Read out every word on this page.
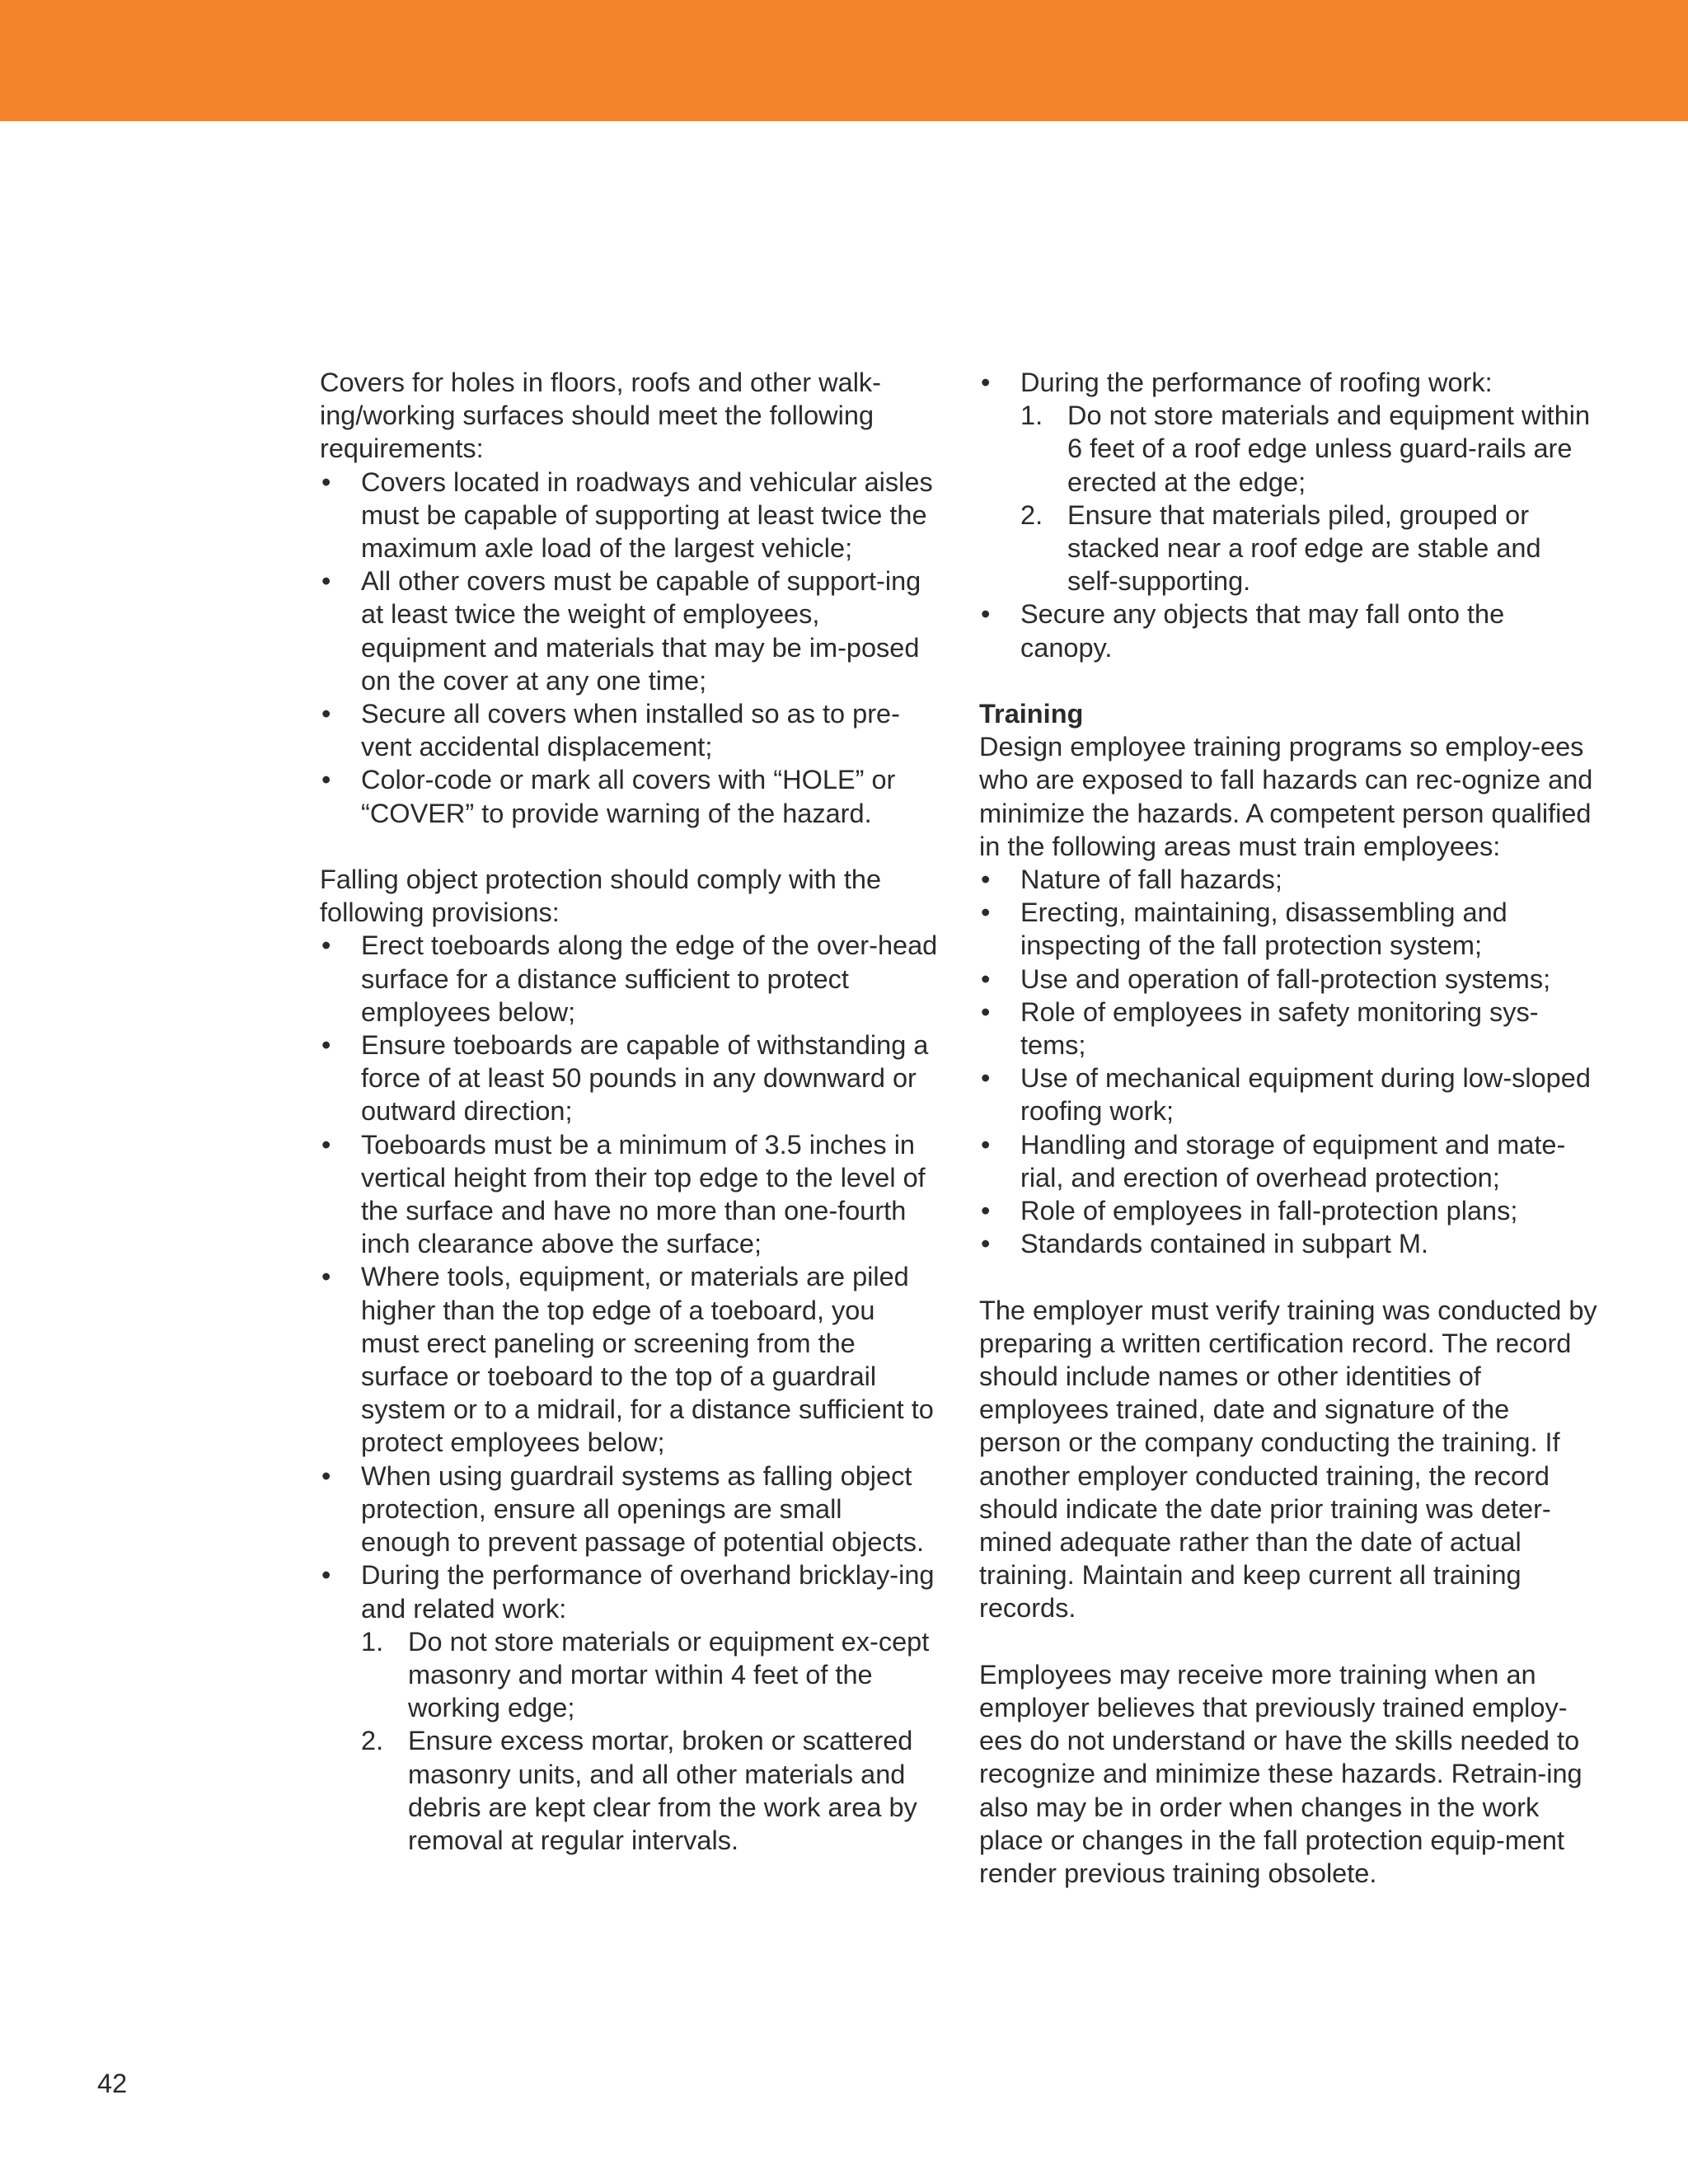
Covers for holes in floors, roofs and other walk-ing/working surfaces should meet the following requirements:

• Covers located in roadways and vehicular aisles must be capable of supporting at least twice the maximum axle load of the largest vehicle;
• All other covers must be capable of support-ing at least twice the weight of employees, equipment and materials that may be im-posed on the cover at any one time;
• Secure all covers when installed so as to pre-vent accidental displacement;
• Color-code or mark all covers with “HOLE” or “COVER” to provide warning of the hazard.

Falling object protection should comply with the following provisions:

• Erect toeboards along the edge of the over-head surface for a distance sufficient to protect employees below;
• Ensure toeboards are capable of withstanding a force of at least 50 pounds in any downward or outward direction;
• Toeboards must be a minimum of 3.5 inches in vertical height from their top edge to the level of the surface and have no more than one-fourth inch clearance above the surface;
• Where tools, equipment, or materials are piled higher than the top edge of a toeboard, you must erect paneling or screening from the surface or toeboard to the top of a guardrail system or to a midrail, for a distance sufficient to protect employees below;
• When using guardrail systems as falling object protection, ensure all openings are small enough to prevent passage of potential objects.
• During the performance of overhand bricklay-ing and related work:
1. Do not store materials or equipment ex-cept masonry and mortar within 4 feet of the working edge;
2. Ensure excess mortar, broken or scattered masonry units, and all other materials and debris are kept clear from the work area by removal at regular intervals.
• During the performance of roofing work:
1. Do not store materials and equipment within 6 feet of a roof edge unless guard-rails are erected at the edge;
2. Ensure that materials piled, grouped or stacked near a roof edge are stable and self-supporting.
• Secure any objects that may fall onto the canopy.
Training

Design employee training programs so employ-ees who are exposed to fall hazards can rec-ognize and minimize the hazards. A competent person qualified in the following areas must train employees:

• Nature of fall hazards;
• Erecting, maintaining, disassembling and inspecting of the fall protection system;
• Use and operation of fall-protection systems;
• Role of employees in safety monitoring sys-tems;
• Use of mechanical equipment during low-sloped roofing work;
• Handling and storage of equipment and mate-rial, and erection of overhead protection;
• Role of employees in fall-protection plans;
• Standards contained in subpart M.

The employer must verify training was conducted by preparing a written certification record. The record should include names or other identities of employees trained, date and signature of the person or the company conducting the training. If another employer conducted training, the record should indicate the date prior training was deter-mined adequate rather than the date of actual training. Maintain and keep current all training records.

Employees may receive more training when an employer believes that previously trained employ-ees do not understand or have the skills needed to recognize and minimize these hazards. Retrain-ing also may be in order when changes in the work place or changes in the fall protection equip-ment render previous training obsolete.

42
